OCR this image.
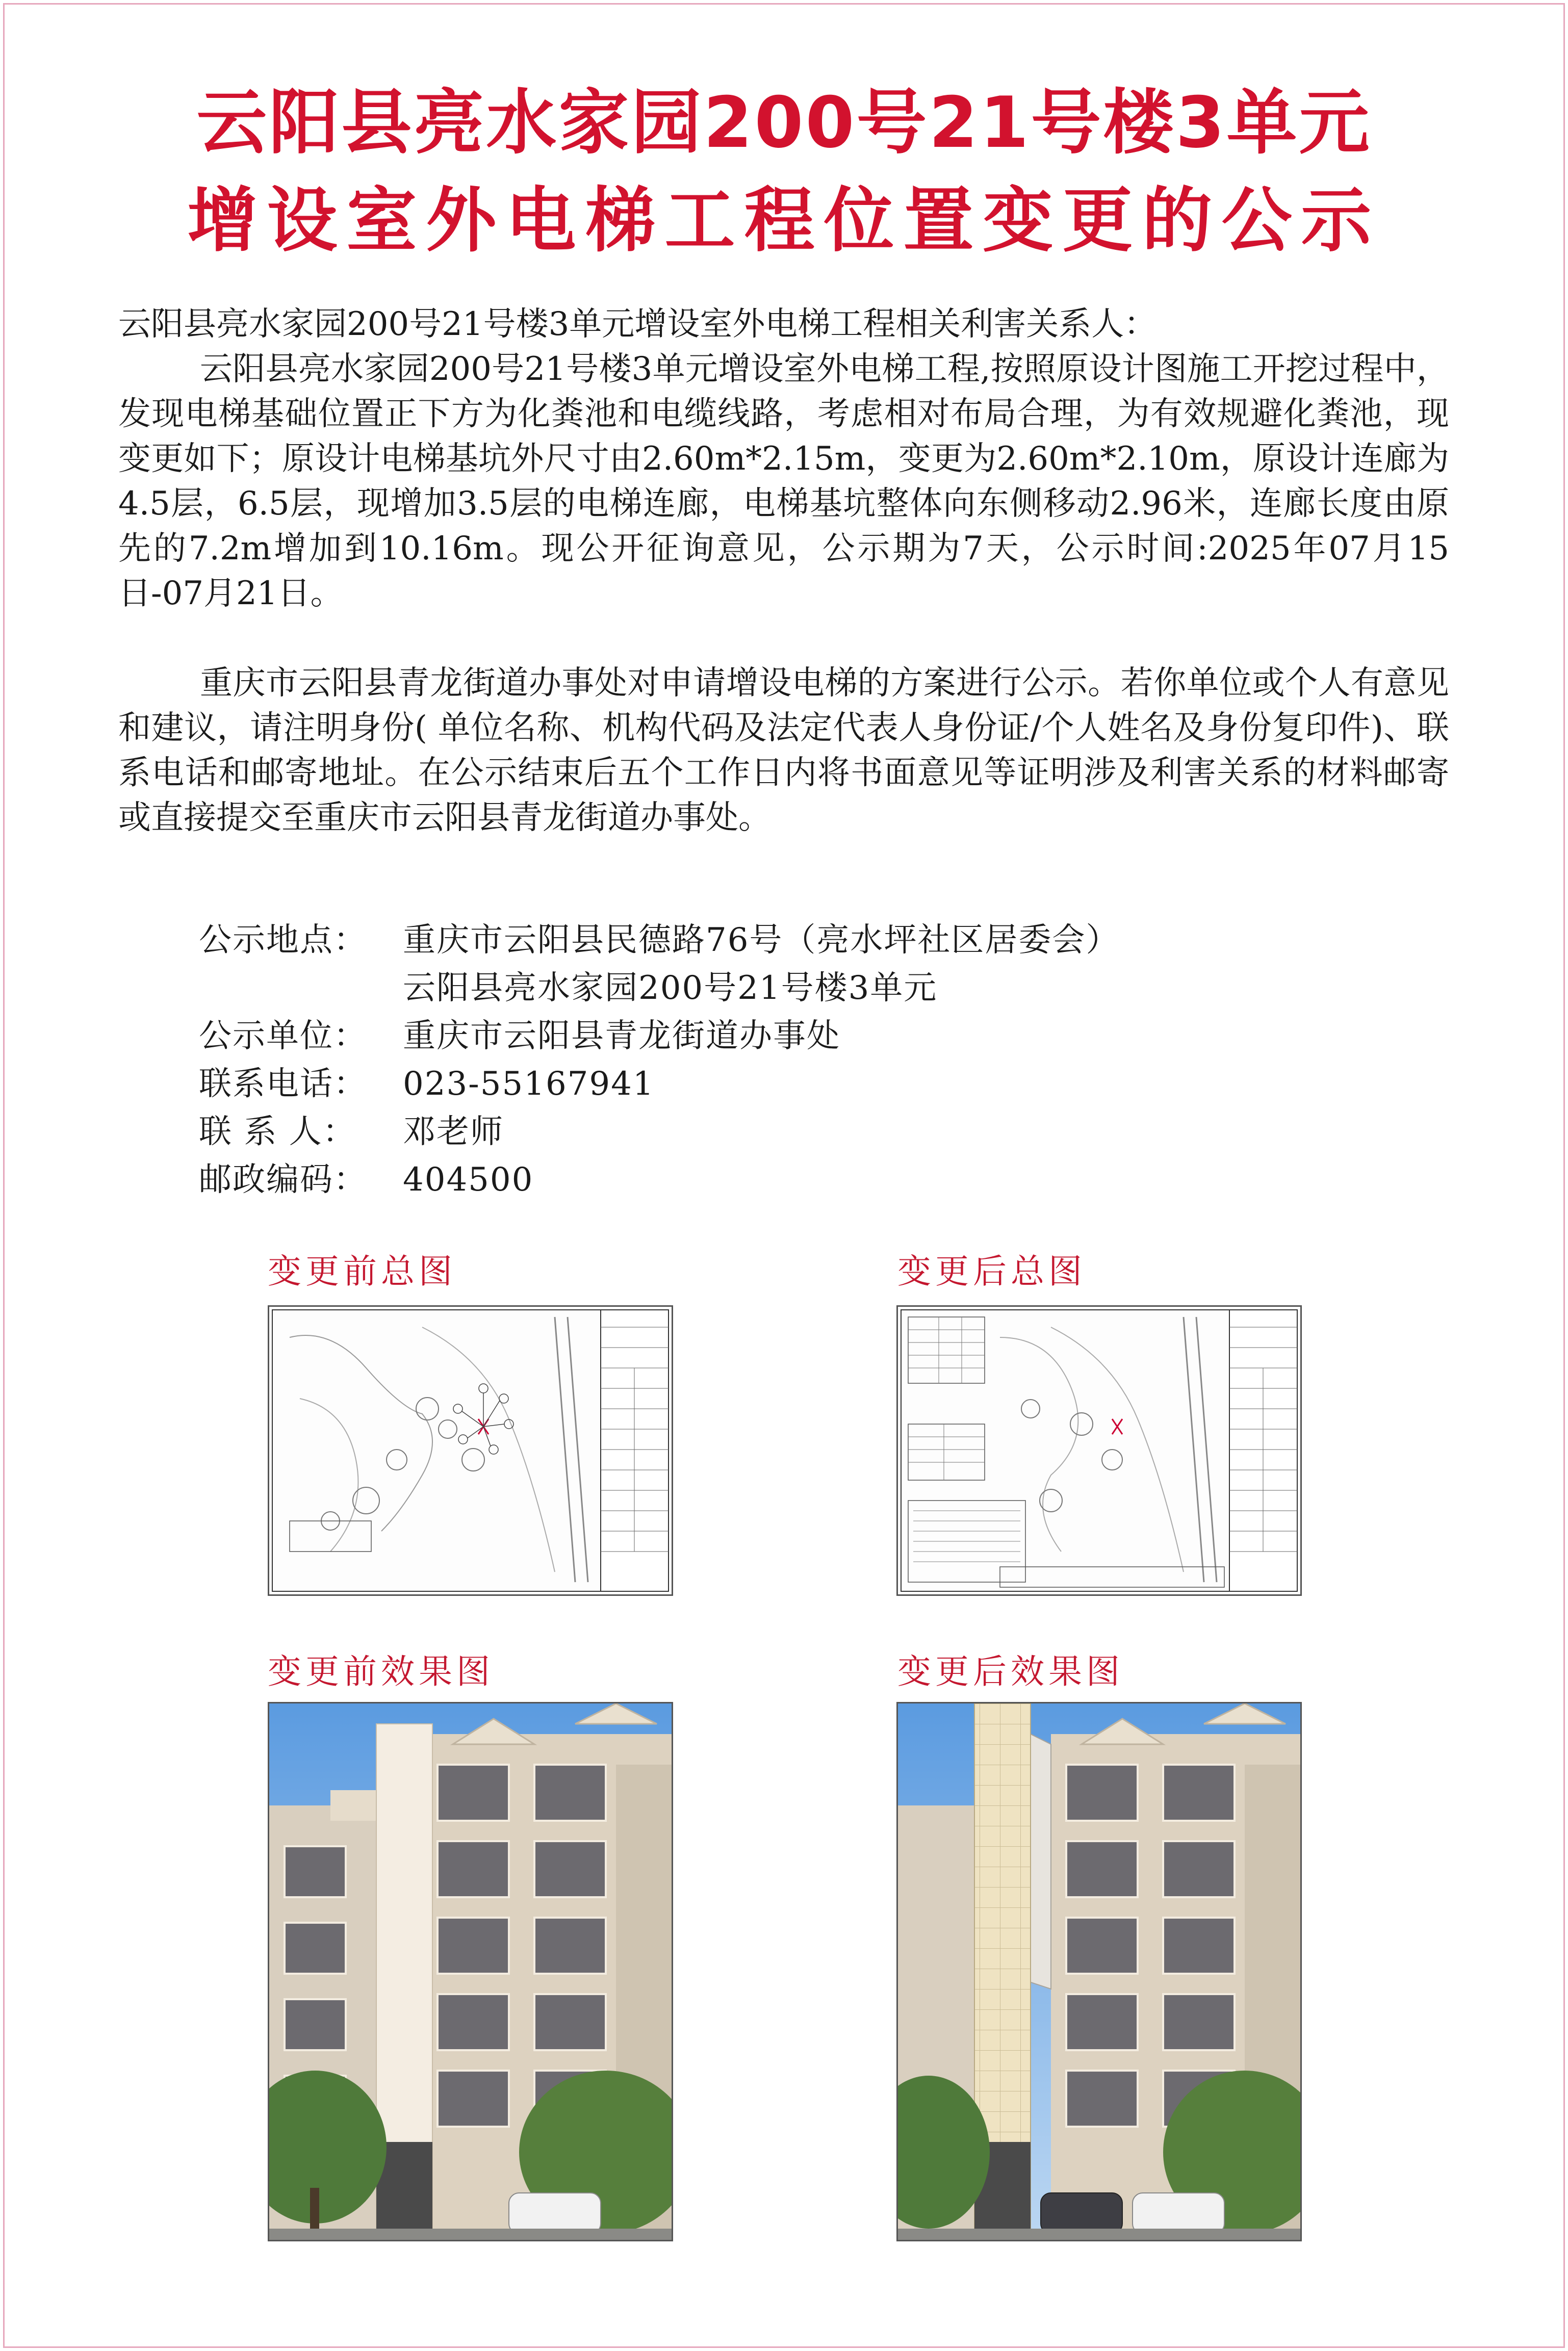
云阳县亮水家园200号21号楼3单元
增设室外电梯工程位置变更的公示
云阳县亮水家园200号21号楼3单元增设室外电梯工程相关利害关系人：
云阳县亮水家园200号21号楼3单元增设室外电梯工程,按照原设计图施工开挖过程中，发现电梯基础位置正下方为化粪池和电缆线路，考虑相对布局合理，为有效规避化粪池，现变更如下；原设计电梯基坑外尺寸由2.60m*2.15m，变更为2.60m*2.10m，原设计连廊为4.5层，6.5层，现增加3.5层的电梯连廊，电梯基坑整体向东侧移动2.96米，连廊长度由原先的7.2m增加到10.16m。现公开征询意见，公示期为7天，公示时间:2025年07月15日-07月21日。
重庆市云阳县青龙街道办事处对申请增设电梯的方案进行公示。若你单位或个人有意见和建议，请注明身份( 单位名称、机构代码及法定代表人身份证/个人姓名及身份复印件)、联系电话和邮寄地址。在公示结束后五个工作日内将书面意见等证明涉及利害关系的材料邮寄或直接提交至重庆市云阳县青龙街道办事处。
公示地点：	重庆市云阳县民德路76号（亮水坪社区居委会）
云阳县亮水家园200号21号楼3单元
公示单位：	重庆市云阳县青龙街道办事处
联系电话：	023-55167941
联 系 人：	邓老师
邮政编码：	404500
变更前总图	变更后总图
变更前效果图	变更后效果图
